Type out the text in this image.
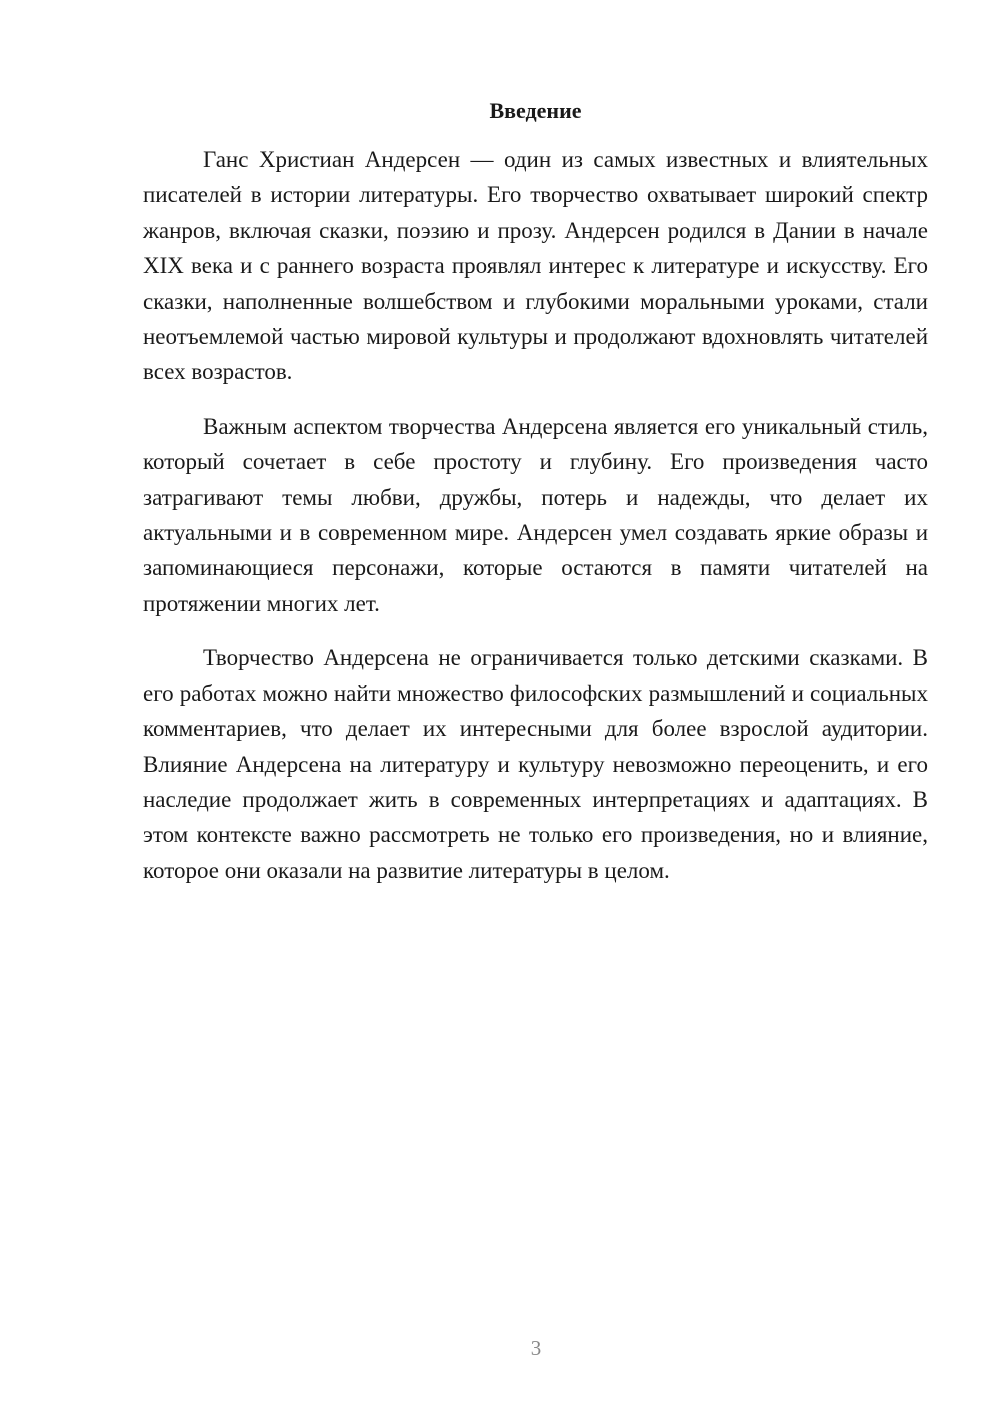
Введение

Ганс Христиан Андерсен — один из самых известных и влиятельных писателей в истории литературы. Его творчество охватывает широкий спектр жанров, включая сказки, поэзию и прозу. Андерсен родился в Дании в начале XIX века и с раннего возраста проявлял интерес к литературе и искусству. Его сказки, наполненные волшебством и глубокими моральными уроками, стали неотъемлемой частью мировой культуры и продолжают вдохновлять читателей всех возрастов.

Важным аспектом творчества Андерсена является его уникальный стиль, который сочетает в себе простоту и глубину. Его произведения часто затрагивают темы любви, дружбы, потерь и надежды, что делает их актуальными и в современном мире. Андерсен умел создавать яркие образы и запоминающиеся персонажи, которые остаются в памяти читателей на протяжении многих лет.

Творчество Андерсена не ограничивается только детскими сказками. В его работах можно найти множество философских размышлений и социальных комментариев, что делает их интересными для более взрослой аудитории. Влияние Андерсена на литературу и культуру невозможно переоценить, и его наследие продолжает жить в современных интерпретациях и адаптациях. В этом контексте важно рассмотреть не только его произведения, но и влияние, которое они оказали на развитие литературы в целом.

3
